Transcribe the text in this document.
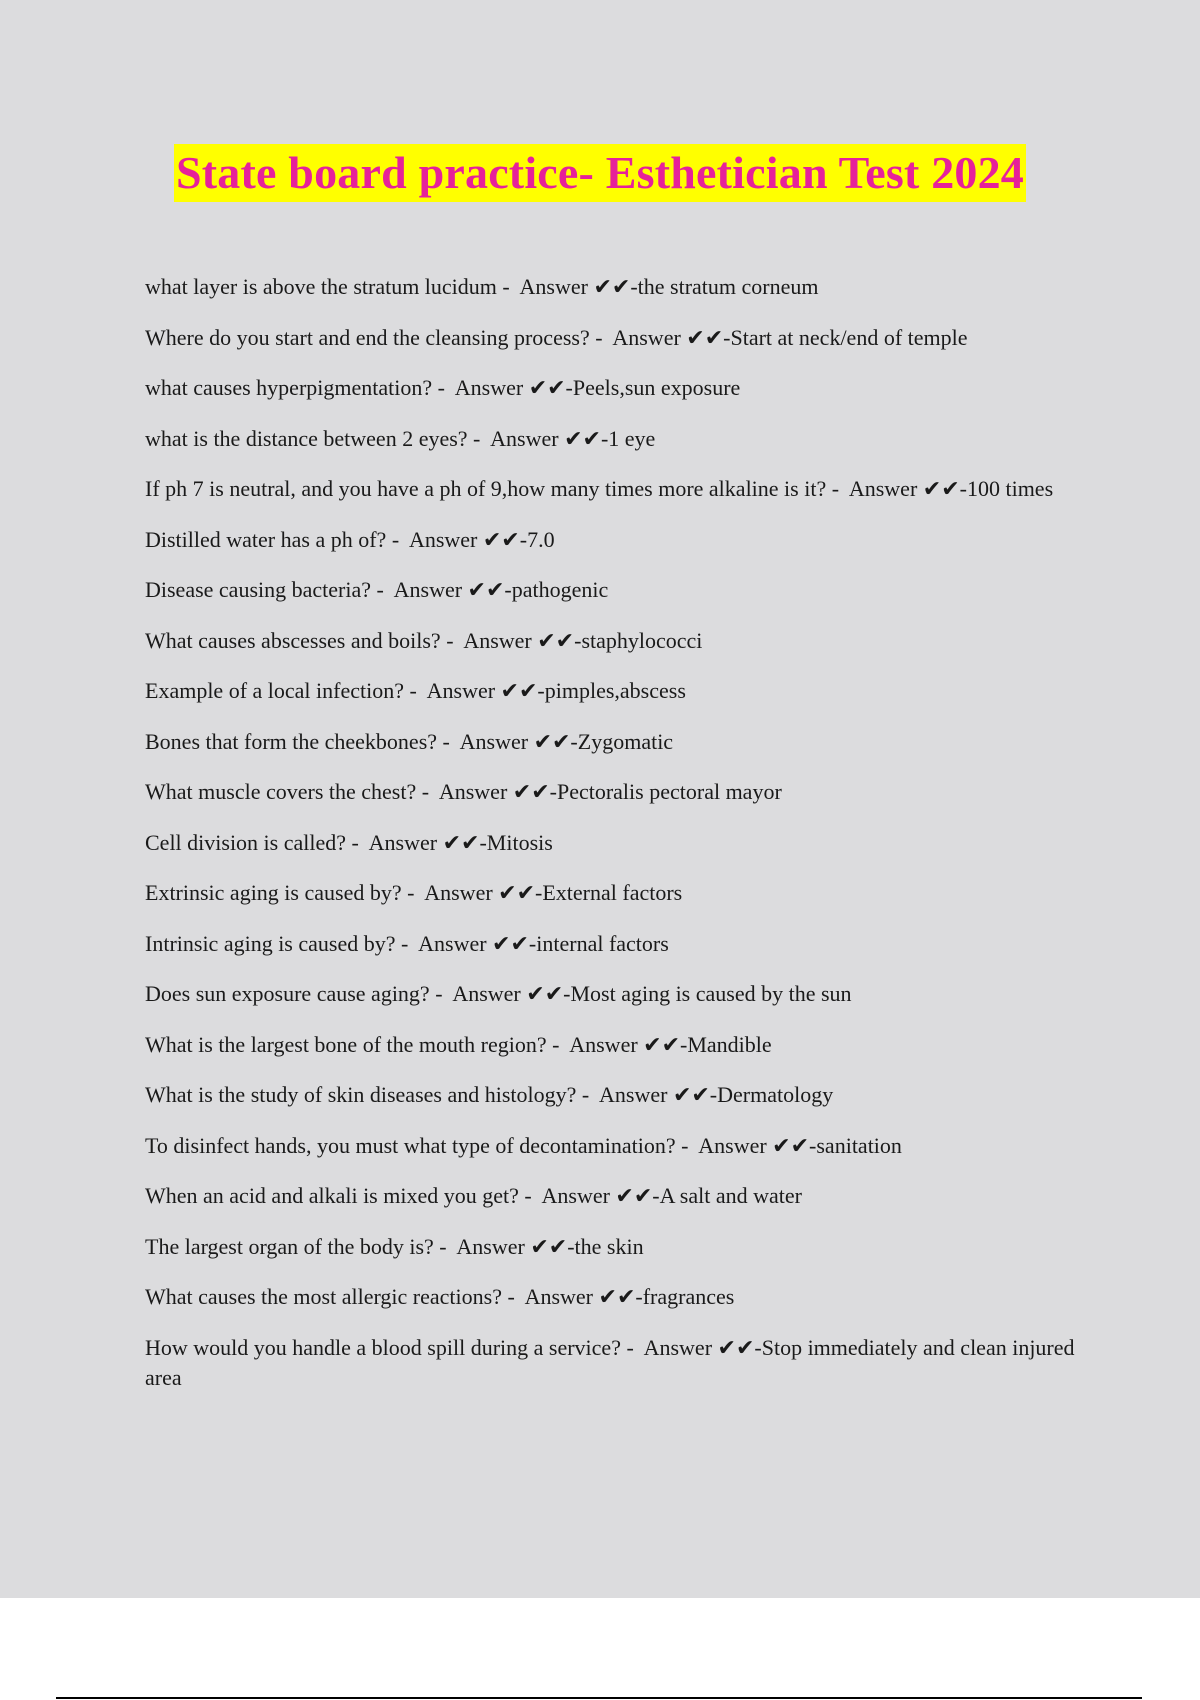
State board practice- Esthetician Test 2024

what layer is above the stratum lucidum -  Answer ✔✔-the stratum corneum

Where do you start and end the cleansing process? -  Answer ✔✔-Start at neck/end of temple

what causes hyperpigmentation? -  Answer ✔✔-Peels,sun exposure

what is the distance between 2 eyes? -  Answer ✔✔-1 eye

If ph 7 is neutral, and you have a ph of 9,how many times more alkaline is it? -  Answer ✔✔-100 times

Distilled water has a ph of? -  Answer ✔✔-7.0

Disease causing bacteria? -  Answer ✔✔-pathogenic

What causes abscesses and boils? -  Answer ✔✔-staphylococci

Example of a local infection? -  Answer ✔✔-pimples,abscess

Bones that form the cheekbones? -  Answer ✔✔-Zygomatic

What muscle covers the chest? -  Answer ✔✔-Pectoralis pectoral mayor

Cell division is called? -  Answer ✔✔-Mitosis

Extrinsic aging is caused by? -  Answer ✔✔-External factors

Intrinsic aging is caused by? -  Answer ✔✔-internal factors

Does sun exposure cause aging? -  Answer ✔✔-Most aging is caused by the sun

What is the largest bone of the mouth region? -  Answer ✔✔-Mandible

What is the study of skin diseases and histology? -  Answer ✔✔-Dermatology

To disinfect hands, you must what type of decontamination? -  Answer ✔✔-sanitation

When an acid and alkali is mixed you get? -  Answer ✔✔-A salt and water

The largest organ of the body is? -  Answer ✔✔-the skin

What causes the most allergic reactions? -  Answer ✔✔-fragrances

How would you handle a blood spill during a service? -  Answer ✔✔-Stop immediately and clean injured area
